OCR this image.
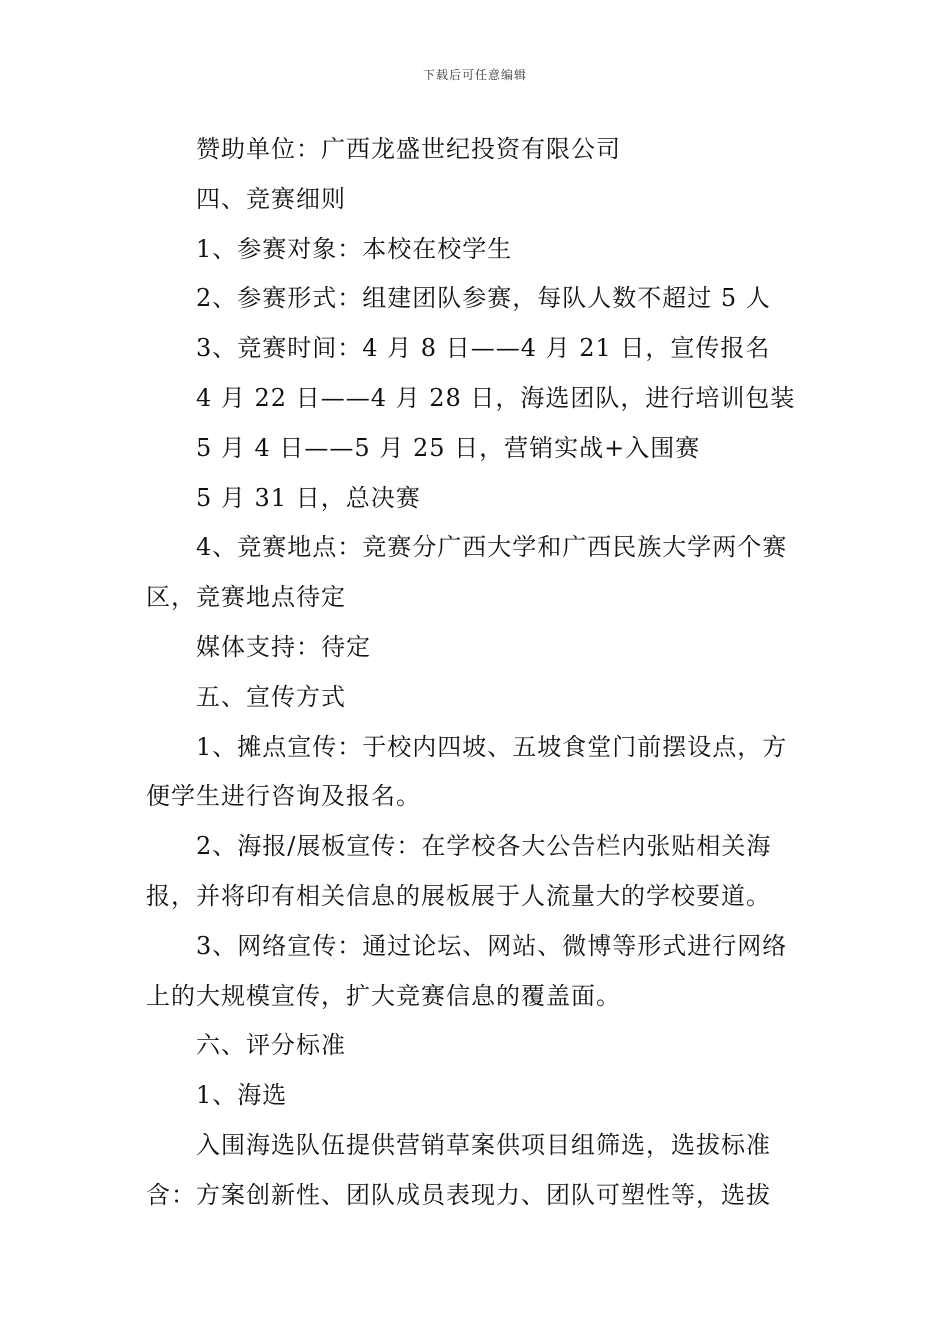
下载后可任意编辑

赞助单位：广西龙盛世纪投资有限公司

四、竞赛细则

1、参赛对象：本校在校学生

2、参赛形式：组建团队参赛，每队人数不超过 5 人

3、竞赛时间：4 月 8 日——4 月 21 日，宣传报名

4 月 22 日——4 月 28 日，海选团队，进行培训包装

5 月 4 日——5 月 25 日，营销实战+入围赛

5 月 31 日，总决赛

4、竞赛地点：竞赛分广西大学和广西民族大学两个赛区，竞赛地点待定

媒体支持：待定

五、宣传方式

1、摊点宣传：于校内四坡、五坡食堂门前摆设点，方便学生进行咨询及报名。

2、海报/展板宣传：在学校各大公告栏内张贴相关海报，并将印有相关信息的展板展于人流量大的学校要道。

3、网络宣传：通过论坛、网站、微博等形式进行网络上的大规模宣传，扩大竞赛信息的覆盖面。

六、评分标准

1、海选

入围海选队伍提供营销草案供项目组筛选，选拔标准含：方案创新性、团队成员表现力、团队可塑性等，选拔
